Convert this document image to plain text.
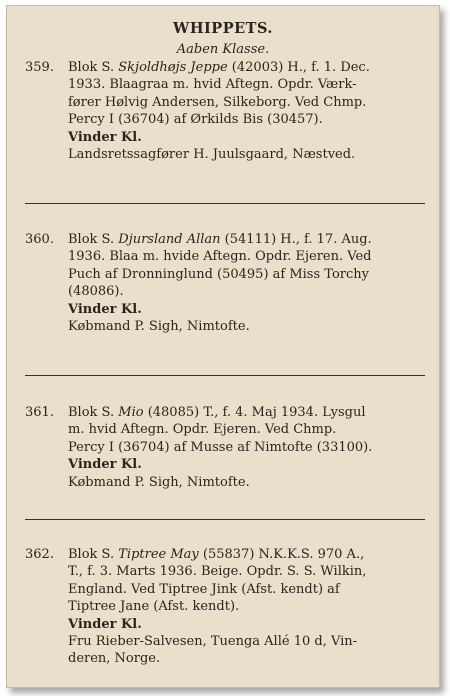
WHIPPETS.
Aaben Klasse.
359. Blok S. Skjoldhøjs Jeppe (42003) H., f. 1. Dec.
1933. Blaagraa m. hvid Aftegn. Opdr. Værk-
fører Hølvig Andersen, Silkeborg. Ved Chmp.
Percy I (36704) af Ørkilds Bis (30457).
Vinder Kl.
Landsretssagfører H. Juulsgaard, Næstved.
360. Blok S. Djursland Allan (54111) H., f. 17. Aug.
1936. Blaa m. hvide Aftegn. Opdr. Ejeren. Ved
Puch af Dronninglund (50495) af Miss Torchy
(48086).
Vinder Kl.
Købmand P. Sigh, Nimtofte.
361. Blok S. Mio (48085) T., f. 4. Maj 1934. Lysgul
m. hvid Aftegn. Opdr. Ejeren. Ved Chmp.
Percy I (36704) af Musse af Nimtofte (33100).
Vinder Kl.
Købmand P. Sigh, Nimtofte.
362. Blok S. Tiptree May (55837) N.K.K.S. 970 A.,
T., f. 3. Marts 1936. Beige. Opdr. S. S. Wilkin,
England. Ved Tiptree Jink (Afst. kendt) af
Tiptree Jane (Afst. kendt).
Vinder Kl.
Fru Rieber-Salvesen, Tuenga Allé 10 d, Vin-
deren, Norge.
